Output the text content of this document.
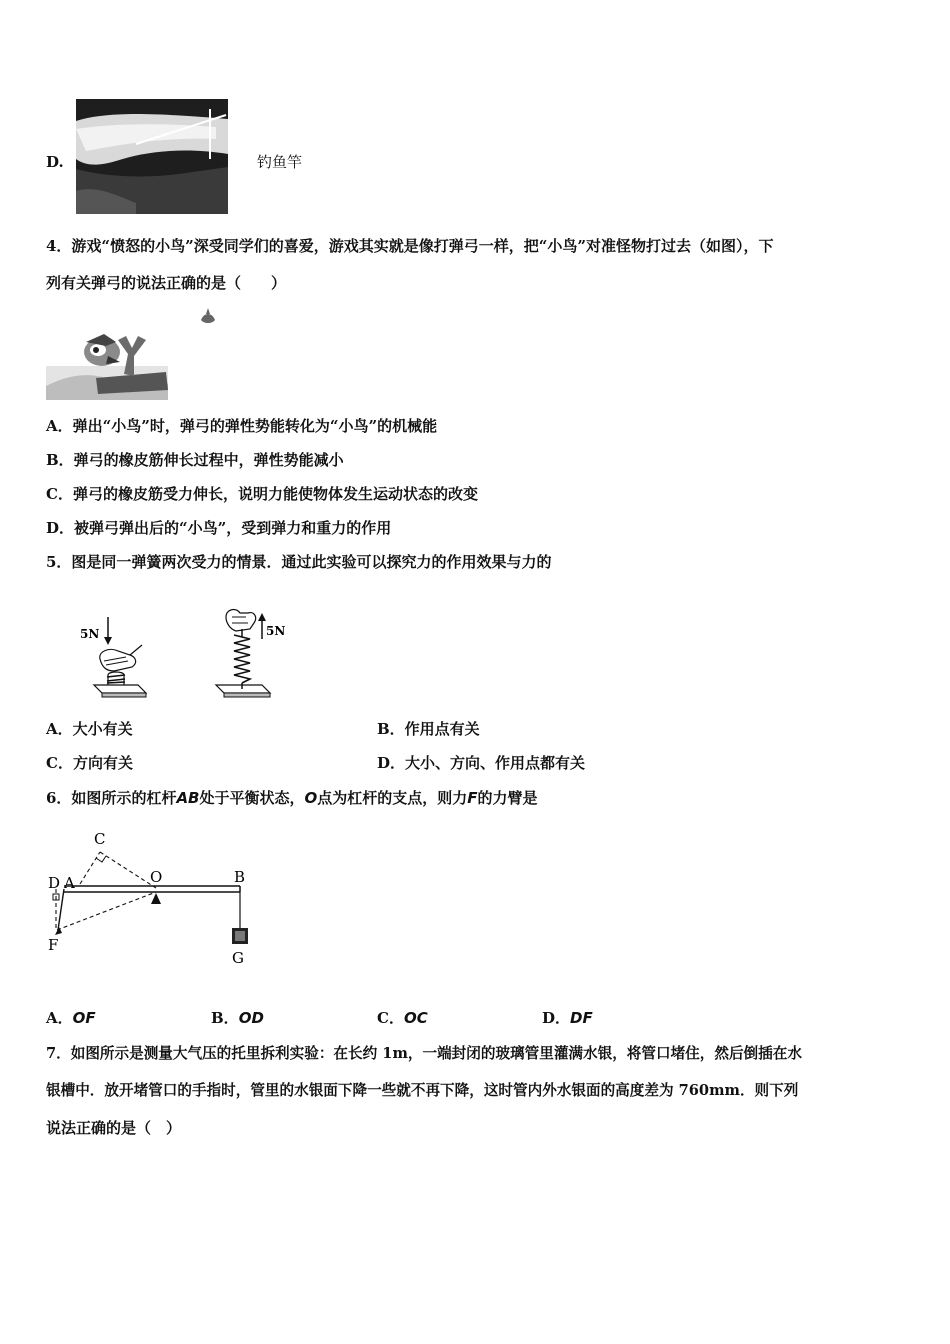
D.	钓鱼竿
4．游戏“愤怒的小鸟”深受同学们的喜爱，游戏其实就是像打弹弓一样，把“小鸟”对准怪物打过去（如图），下
列有关弹弓的说法正确的是（　　）
A．弹出“小鸟”时，弹弓的弹性势能转化为“小鸟”的机械能
B．弹弓的橡皮筋伸长过程中，弹性势能减小
C．弹弓的橡皮筋受力伸长，说明力能使物体发生运动状态的改变
D．被弹弓弹出后的“小鸟”，受到弹力和重力的作用
5．图是同一弹簧两次受力的情景．通过此实验可以探究力的作用效果与力的
5N	5N
A．大小有关	B．作用点有关
C．方向有关	D．大小、方向、作用点都有关
6．如图所示的杠杆AB处于平衡状态，O点为杠杆的支点，则力F的力臂是
C
D A	O	B
F
G
A．OF	B．OD	C．OC	D．DF
7．如图所示是测量大气压的托里拆利实验：在长约 1m，一端封闭的玻璃管里灌满水银，将管口堵住，然后倒插在水
银槽中．放开堵管口的手指时，管里的水银面下降一些就不再下降，这时管内外水银面的高度差为 760mm．则下列
说法正确的是（　）
